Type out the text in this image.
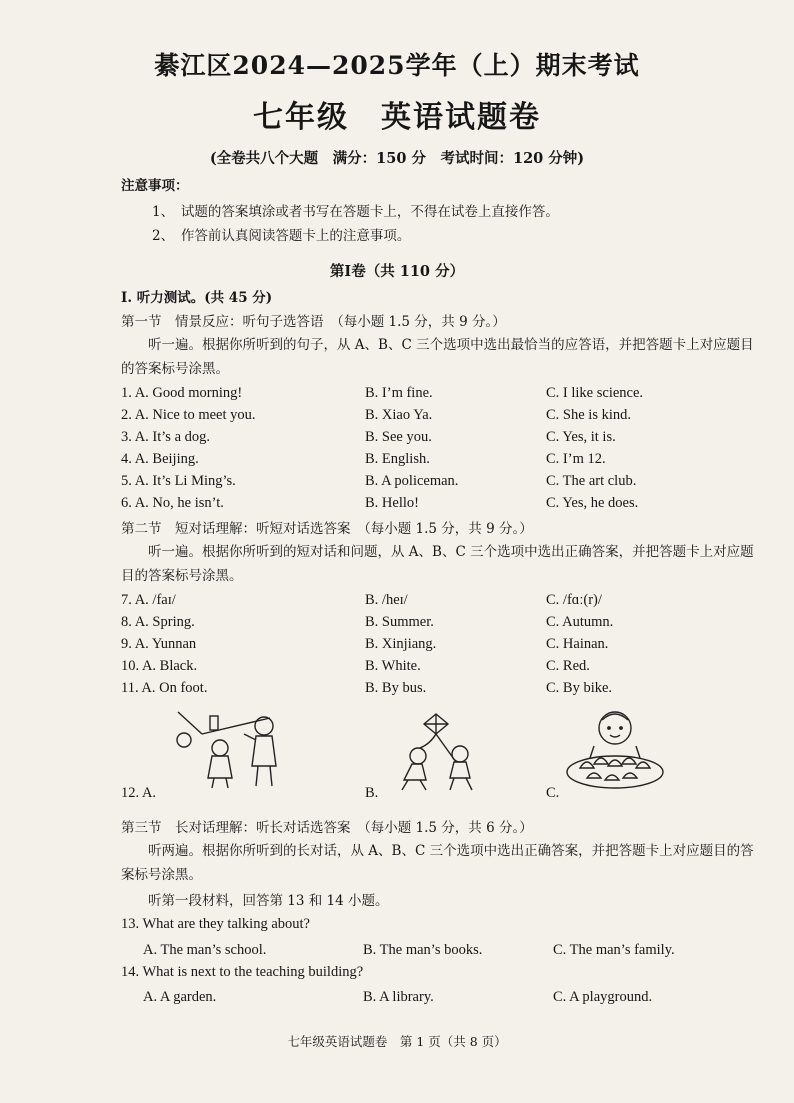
綦江区2024—2025学年（上）期末考试
七年级　英语试题卷
(全卷共八个大题　满分：150 分　考试时间：120 分钟)
注意事项：
1、　试题的答案填涂或者书写在答题卡上，不得在试卷上直接作答。
2、　作答前认真阅读答题卡上的注意事项。
第Ⅰ卷（共 110 分）
I. 听力测试。(共 45 分)
第一节　情景反应：听句子选答语　（每小题 1.5 分，共 9 分。）
听一遍。根据你所听到的句子，从 A、B、C 三个选项中选出最恰当的应答语，并把答题卡上对应题目的答案标号涂黑。
1. A. Good morning!	B. I’m fine.	C. I like science.
2. A. Nice to meet you.	B. Xiao Ya.	C. She is kind.
3. A. It’s a dog.	B. See you.	C. Yes, it is.
4. A. Beijing.	B. English.	C. I’m 12.
5. A. It’s Li Ming’s.	B. A policeman.	C. The art club.
6. A. No, he isn’t.	B. Hello!	C. Yes, he does.
第二节　短对话理解：听短对话选答案　（每小题 1.5 分，共 9 分。）
听一遍。根据你所听到的短对话和问题，从 A、B、C 三个选项中选出正确答案，并把答题卡上对应题目的答案标号涂黑。
7. A. /faɪ/	B. /heɪ/	C. /fɑː(r)/
8. A. Spring.	B. Summer.	C. Autumn.
9. A. Yunnan	B. Xinjiang.	C. Hainan.
10. A. Black.	B. White.	C. Red.
11. A. On foot.	B. By bus.	C. By bike.
12. A.	B.	C.
第三节　长对话理解：听长对话选答案　（每小题 1.5 分，共 6 分。）
听两遍。根据你所听到的长对话，从 A、B、C 三个选项中选出正确答案，并把答题卡上对应题目的答案标号涂黑。
听第一段材料，回答第 13 和 14 小题。
13. What are they talking about?
A. The man’s school.	B. The man’s books.	C. The man’s family.
14. What is next to the teaching building?
A. A garden.	B. A library.	C. A playground.
七年级英语试题卷　第 1 页（共 8 页）
